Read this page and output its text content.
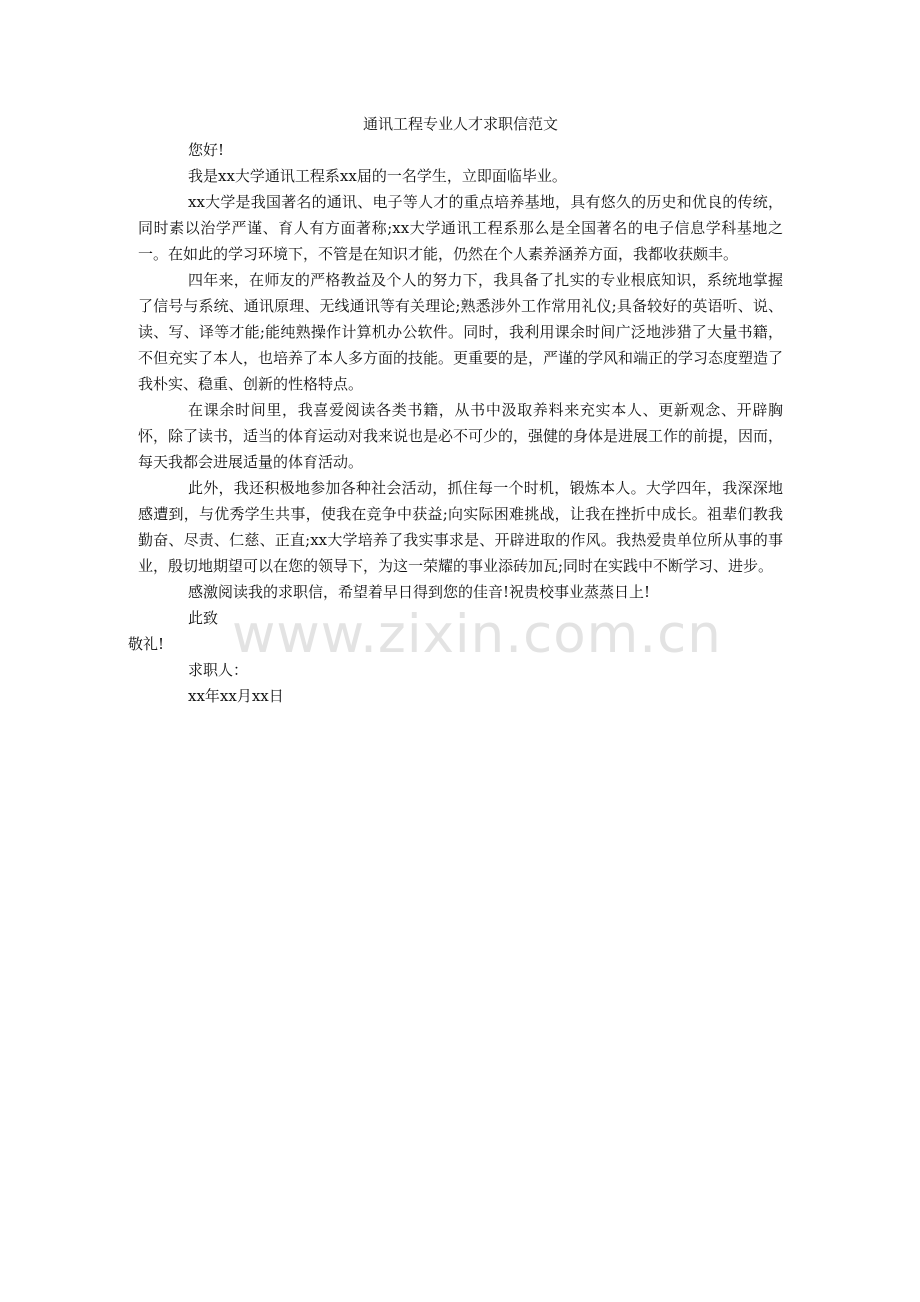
通讯工程专业人才求职信范文

您好!

我是xx大学通讯工程系xx届的一名学生，立即面临毕业。

xx大学是我国著名的通讯、电子等人才的重点培养基地，具有悠久的历史和优良的传统，同时素以治学严谨、育人有方面著称;xx大学通讯工程系那么是全国著名的电子信息学科基地之一。在如此的学习环境下，不管是在知识才能，仍然在个人素养涵养方面，我都收获颇丰。

四年来，在师友的严格教益及个人的努力下，我具备了扎实的专业根底知识，系统地掌握了信号与系统、通讯原理、无线通讯等有关理论;熟悉涉外工作常用礼仪;具备较好的英语听、说、读、写、译等才能;能纯熟操作计算机办公软件。同时，我利用课余时间广泛地涉猎了大量书籍，不但充实了本人，也培养了本人多方面的技能。更重要的是，严谨的学风和端正的学习态度塑造了我朴实、稳重、创新的性格特点。

在课余时间里，我喜爱阅读各类书籍，从书中汲取养料来充实本人、更新观念、开辟胸怀，除了读书，适当的体育运动对我来说也是必不可少的，强健的身体是进展工作的前提，因而，每天我都会进展适量的体育活动。

此外，我还积极地参加各种社会活动，抓住每一个时机，锻炼本人。大学四年，我深深地感遭到，与优秀学生共事，使我在竞争中获益;向实际困难挑战，让我在挫折中成长。祖辈们教我勤奋、尽责、仁慈、正直;xx大学培养了我实事求是、开辟进取的作风。我热爱贵单位所从事的事业，殷切地期望可以在您的领导下，为这一荣耀的事业添砖加瓦;同时在实践中不断学习、进步。

感激阅读我的求职信，希望着早日得到您的佳音!祝贵校事业蒸蒸日上!

此致

敬礼!

求职人：

xx年xx月xx日

www.zixin.com.cn
